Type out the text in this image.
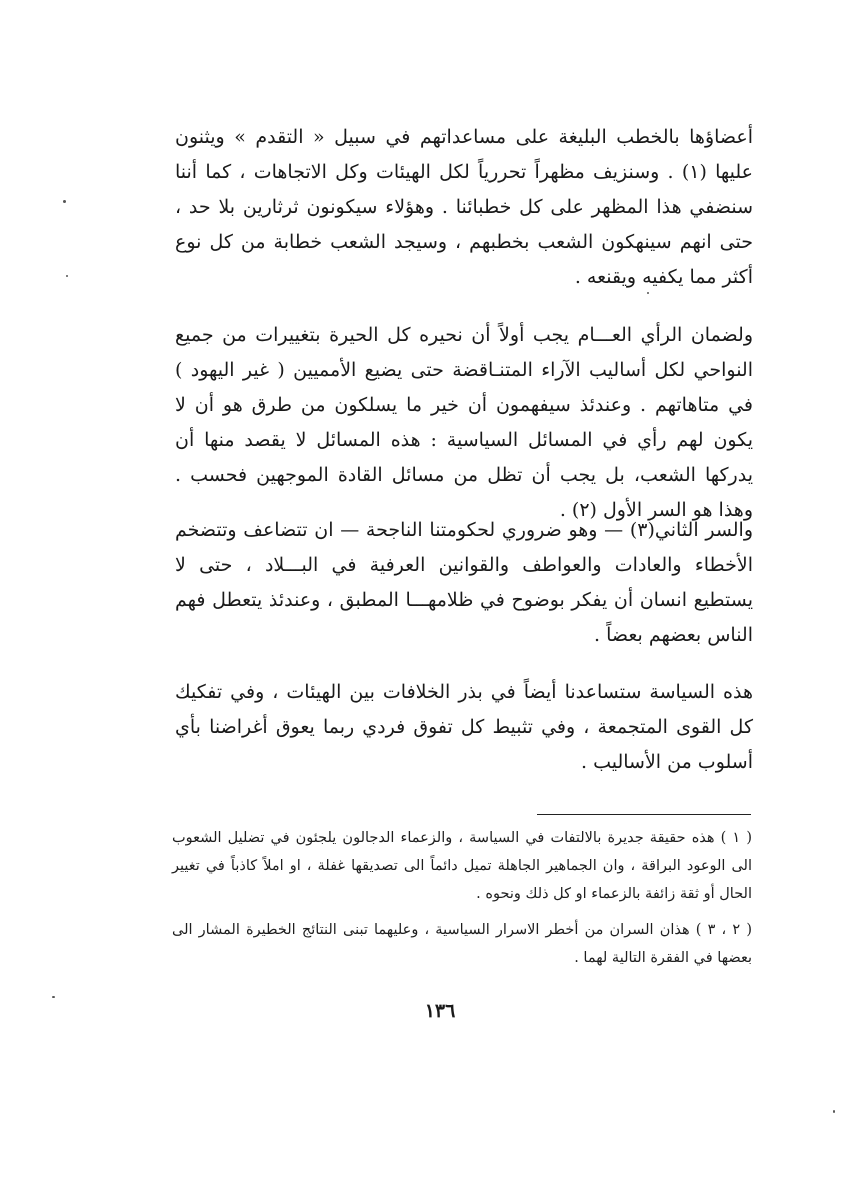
أعضاؤها بالخطب البليغة على مساعداتهم في سبيل « التقدم » ويثنون عليها (١) . وسنزيف مظهراً تحررياً لكل الهيئات وكل الاتجاهات ، كما أننا سنضفي هذا المظهر على كل خطبائنا . وهؤلاء سيكونون ثرثارين بلا حد ، حتى انهم سينهكون الشعب بخطبهم ، وسيجد الشعب خطابة من كل نوع أكثر مما يكفيه ويقنعه .

ولضمان الرأي العـــام يجب أولاً أن نحيره كل الحيرة بتغييرات من جميع النواحي لكل أساليب الآراء المتنـاقضة حتى يضيع الأمميين ( غير اليهود ) في متاهاتهم . وعندئذ سيفهمون أن خير ما يسلكون من طرق هو أن لا يكون لهم رأي في المسائل السياسية : هذه المسائل لا يقصد منها أن يدركها الشعب، بل يجب أن تظل من مسائل القادة الموجهين فحسب . وهذا هو السر الأول (٢) .

والسر الثاني(٣) — وهو ضروري لحكومتنا الناجحة — ان تتضاعف وتتضخم الأخطاء والعادات والعواطف والقوانين العرفية في البـــلاد ، حتى لا يستطيع انسان أن يفكر بوضوح في ظلامهـــا المطبق ، وعندئذ يتعطل فهم الناس بعضهم بعضاً .

هذه السياسة ستساعدنا أيضاً في بذر الخلافات بين الهيئات ، وفي تفكيك كل القوى المتجمعة ، وفي تثبيط كل تفوق فردي ربما يعوق أغراضنا بأي أسلوب من الأساليب .

( ١ ) هذه حقيقة جديرة بالالتفات في السياسة ، والزعماء الدجالون يلجئون في تضليل الشعوب الى الوعود البراقة ، وان الجماهير الجاهلة تميل دائماً الى تصديقها غفلة ، او املاً كاذباً في تغيير الحال أو ثقة زائفة بالزعماء او كل ذلك ونحوه .

( ٢ ، ٣ ) هذان السران من أخطر الاسرار السياسية ، وعليهما تبنى النتائج الخطيرة المشار الى بعضها في الفقرة التالية لهما .

١٣٦
